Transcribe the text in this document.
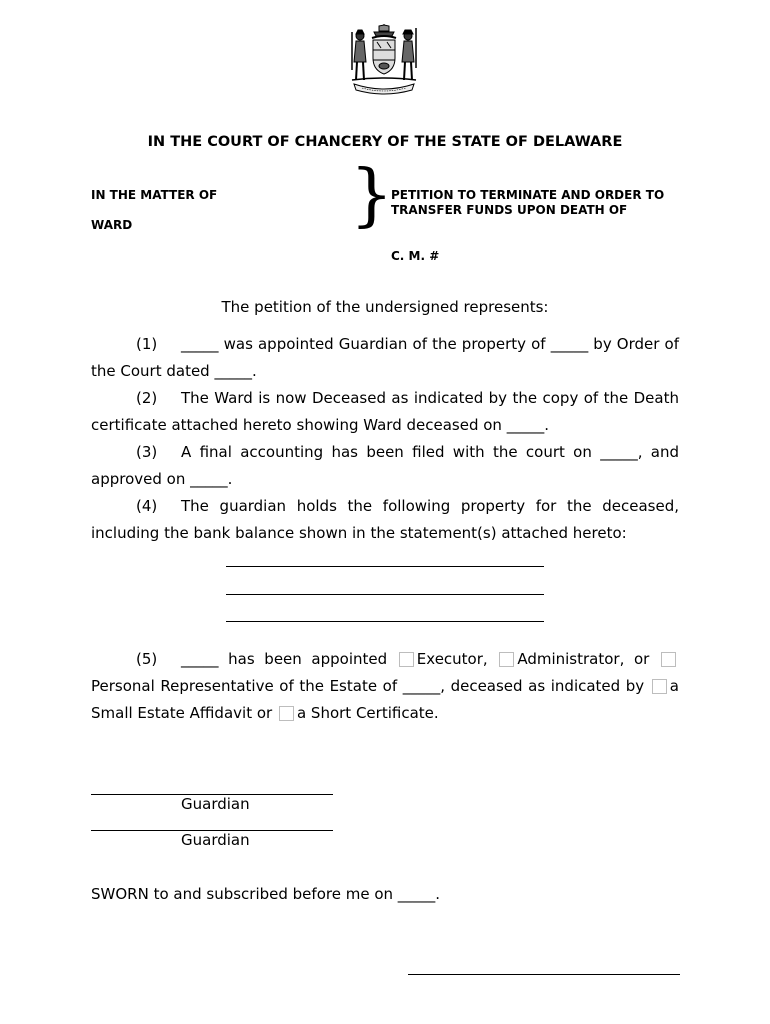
IN THE COURT OF CHANCERY OF THE STATE OF DELAWARE
IN THE MATTER OF
WARD	}
PETITION TO TERMINATE AND ORDER TO
TRANSFER FUNDS UPON DEATH OF
C. M. #
The petition of the undersigned represents:
(1) _____ was appointed Guardian of the property of _____ by Order of the Court dated _____.
(2) The Ward is now Deceased as indicated by the copy of the Death certificate attached hereto showing Ward deceased on _____.
(3) A final accounting has been filed with the court on _____, and approved on _____.
(4) The guardian holds the following property for the deceased, including the bank balance shown in the statement(s) attached hereto:
(5) _____ has been appointed Executor, Administrator, or  Personal Representative of the Estate of _____, deceased as indicated by a Small Estate Affidavit or a Short Certificate.
Guardian
Guardian
SWORN to and subscribed before me on _____.
